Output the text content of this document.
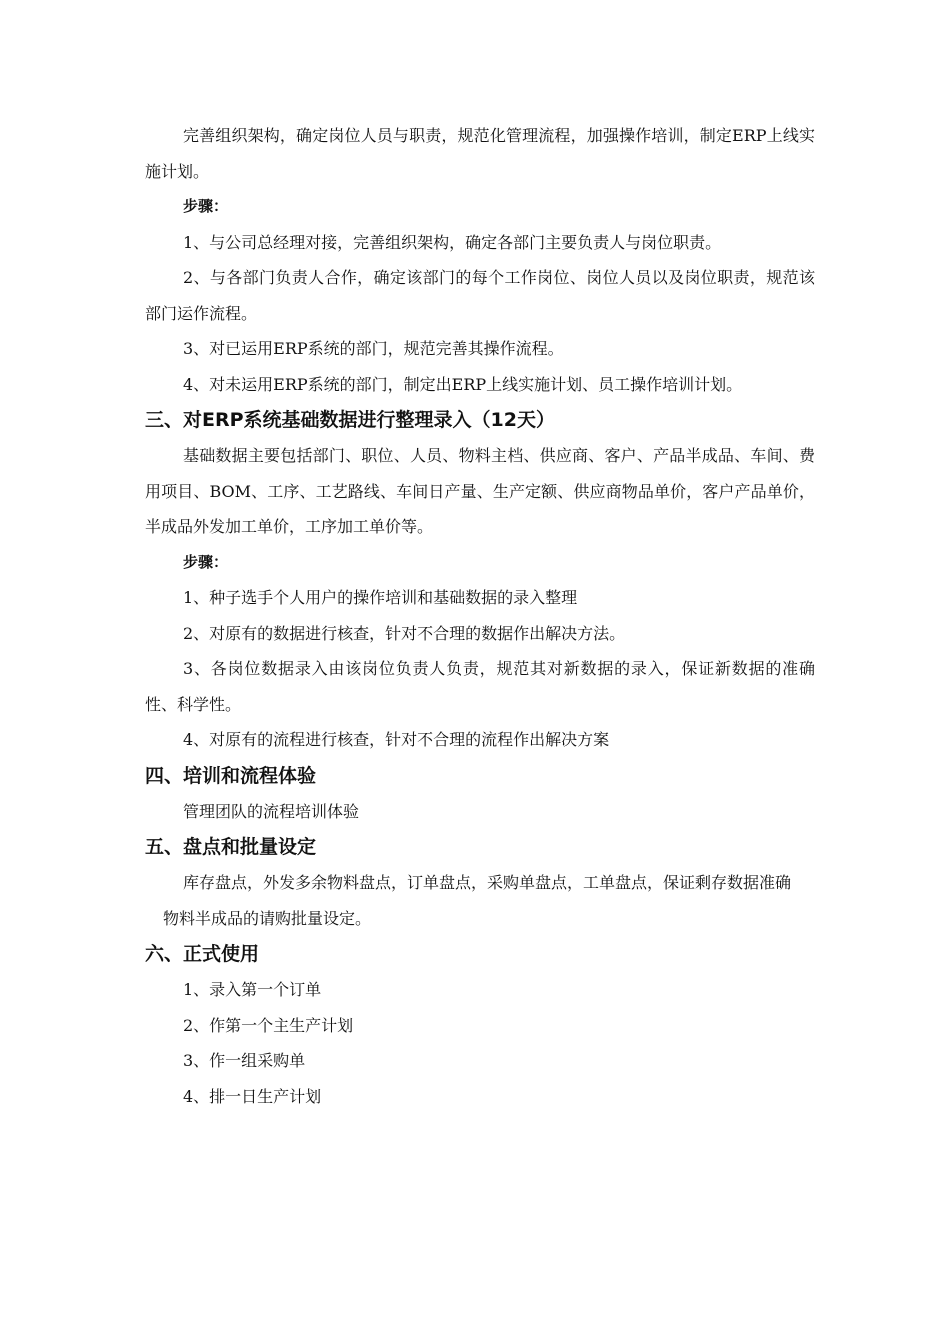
完善组织架构，确定岗位人员与职责，规范化管理流程，加强操作培训，制定ERP上线实施计划。

步骤：

1、与公司总经理对接，完善组织架构，确定各部门主要负责人与岗位职责。

2、与各部门负责人合作，确定该部门的每个工作岗位、岗位人员以及岗位职责，规范该部门运作流程。

3、对已运用ERP系统的部门，规范完善其操作流程。

4、对未运用ERP系统的部门，制定出ERP上线实施计划、员工操作培训计划。

三、对ERP系统基础数据进行整理录入（12天）

基础数据主要包括部门、职位、人员、物料主档、供应商、客户、产品半成品、车间、费用项目、BOM、工序、工艺路线、车间日产量、生产定额、供应商物品单价，客户产品单价，半成品外发加工单价，工序加工单价等。

步骤：

1、种子选手个人用户的操作培训和基础数据的录入整理

2、对原有的数据进行核查，针对不合理的数据作出解决方法。

3、各岗位数据录入由该岗位负责人负责，规范其对新数据的录入，保证新数据的准确性、科学性。

4、对原有的流程进行核查，针对不合理的流程作出解决方案

四、培训和流程体验

管理团队的流程培训体验

五、盘点和批量设定

库存盘点，外发多余物料盘点，订单盘点，采购单盘点，工单盘点，保证剩存数据准确

物料半成品的请购批量设定。

六、正式使用

1、录入第一个订单

2、作第一个主生产计划

3、作一组采购单

4、排一日生产计划
